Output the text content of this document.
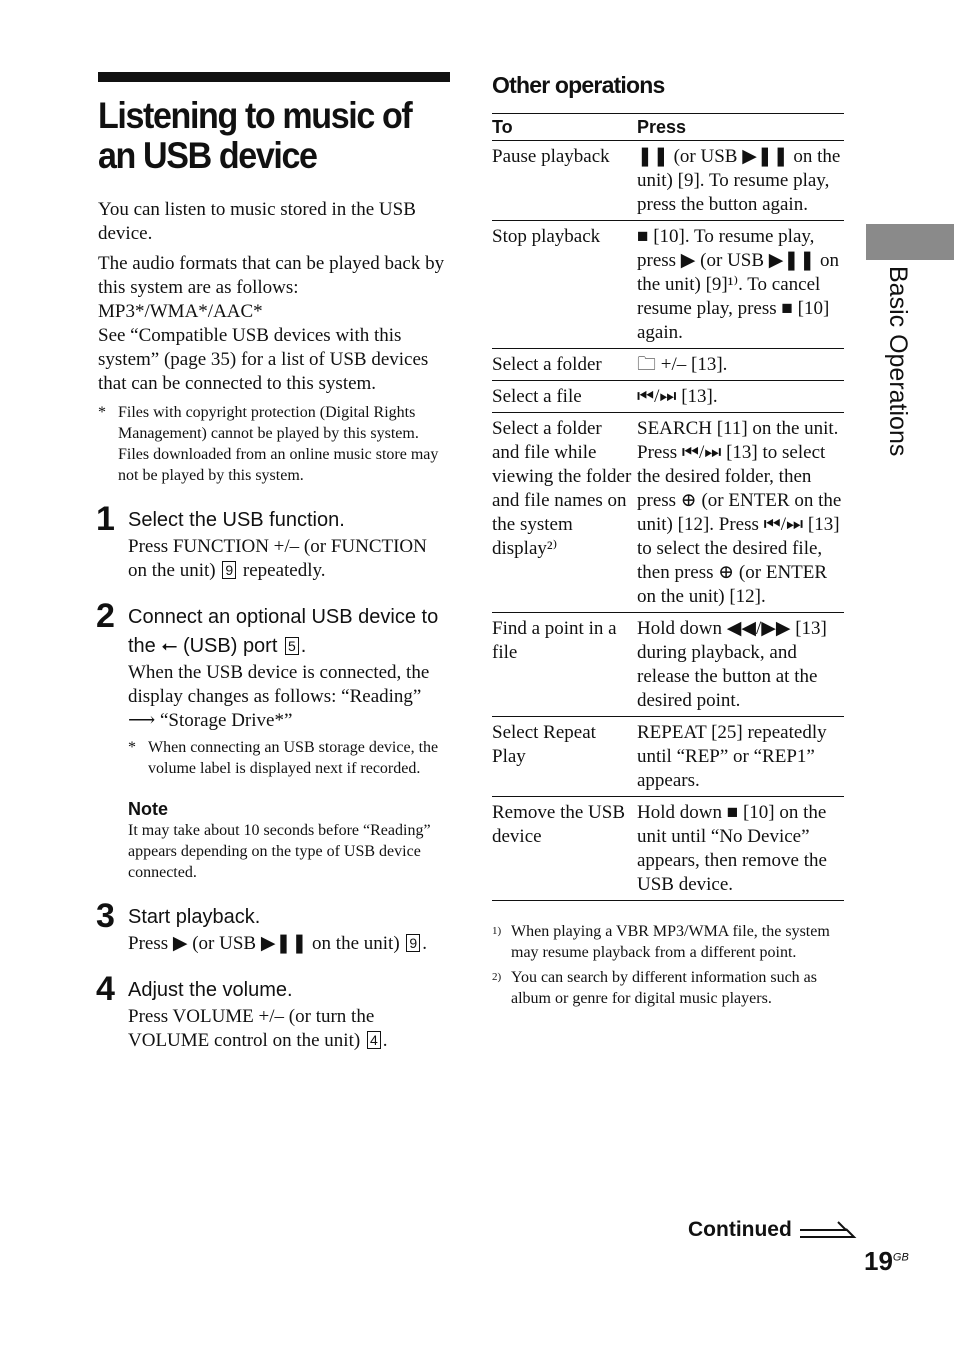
Basic Operations
Listening to music of an USB device

You can listen to music stored in the USB device.

The audio formats that can be played back by this system are as follows: MP3*/WMA*/AAC*

See “Compatible USB devices with this system” (page 35) for a list of USB devices that can be connected to this system.

* Files with copyright protection (Digital Rights Management) cannot be played by this system.
Files downloaded from an online music store may not be played by this system.
1 Select the USB function.
Press FUNCTION +/– (or FUNCTION on the unit) 9 repeatedly.
2 Connect an optional USB device to the ⭠ (USB) port 5 .
When the USB device is connected, the display changes as follows: “Reading” ⟶ “Storage Drive*”
* When connecting an USB storage device, the volume label is displayed next if recorded.
Note
It may take about 10 seconds before “Reading” appears depending on the type of USB device connected.
3 Start playback.
Press ▶ (or USB ▶❚❚ on the unit) 9 .
4 Adjust the volume.
Press VOLUME +/– (or turn the VOLUME control on the unit) 4 .
Other operations
To	Press
Pause playback	❚❚ (or USB ▶❚❚ on the unit) [9]. To resume play, press the button again.
Stop playback	■ [10]. To resume play, press ▶ (or USB ▶❚❚ on the unit) [9]¹⁾. To cancel resume play, press ■ [10] again.
Select a folder	🗀 +/– [13].
Select a file	⏮/⏭ [13].
Select a folder and file while viewing the folder and file names on the system display²⁾	SEARCH [11] on the unit. Press ⏮/⏭ [13] to select the desired folder, then press ⊕ (or ENTER on the unit) [12]. Press ⏮/⏭ [13] to select the desired file, then press ⊕ (or ENTER on the unit) [12].
Find a point in a file	Hold down ◀◀/▶▶ [13] during playback, and release the button at the desired point.
Select Repeat Play	REPEAT [25] repeatedly until “REP” or “REP1” appears.
Remove the USB device	Hold down ■ [10] on the unit until “No Device” appears, then remove the USB device.
1) When playing a VBR MP3/WMA file, the system may resume playback from a different point.
2) You can search by different information such as album or genre for digital music players.
Continued
$19^{GB}$
